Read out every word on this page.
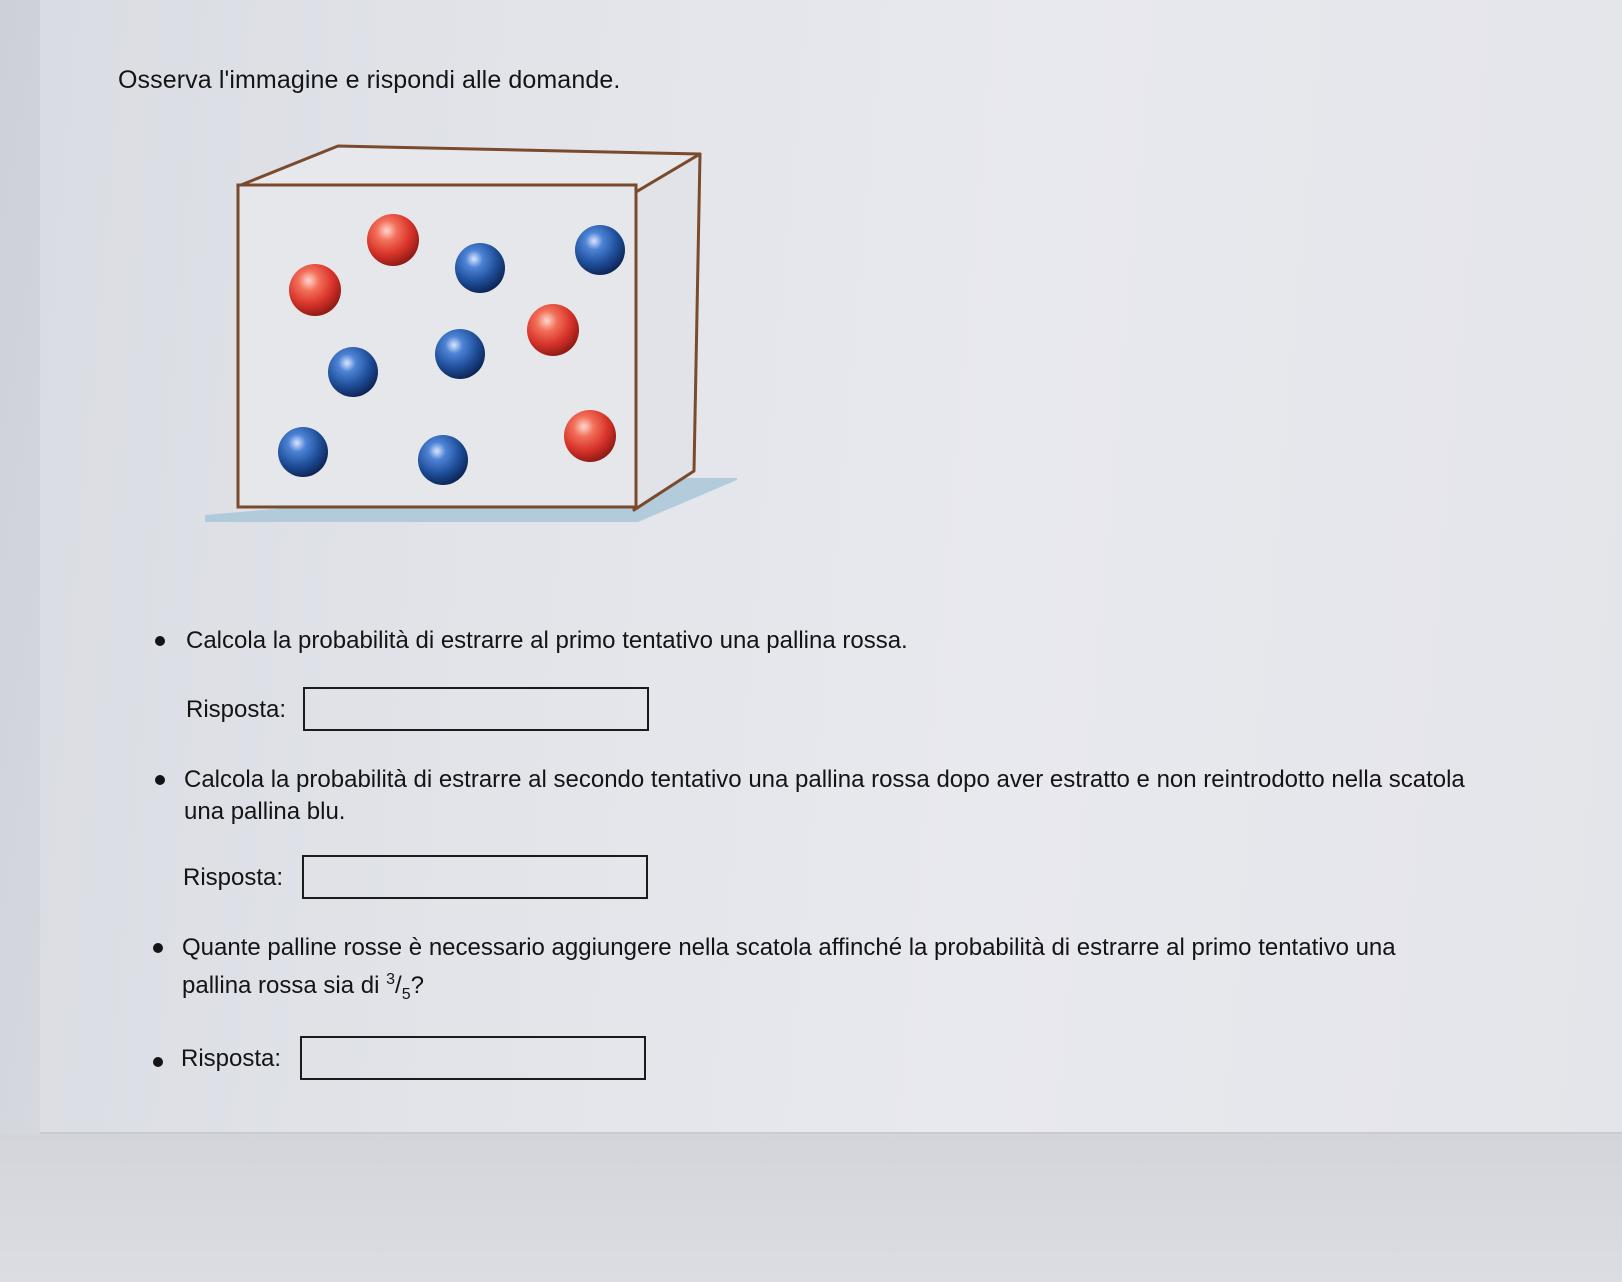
Osserva l'immagine e rispondi alle domande.
Calcola la probabilità di estrarre al primo tentativo una pallina rossa.
Risposta:
Calcola la probabilità di estrarre al secondo tentativo una pallina rossa dopo aver estratto e non reintrodotto nella scatola
una pallina blu.
Risposta:
Quante palline rosse è necessario aggiungere nella scatola affinché la probabilità di estrarre al primo tentativo una
pallina rossa sia di $^3/_5$?
Risposta:
